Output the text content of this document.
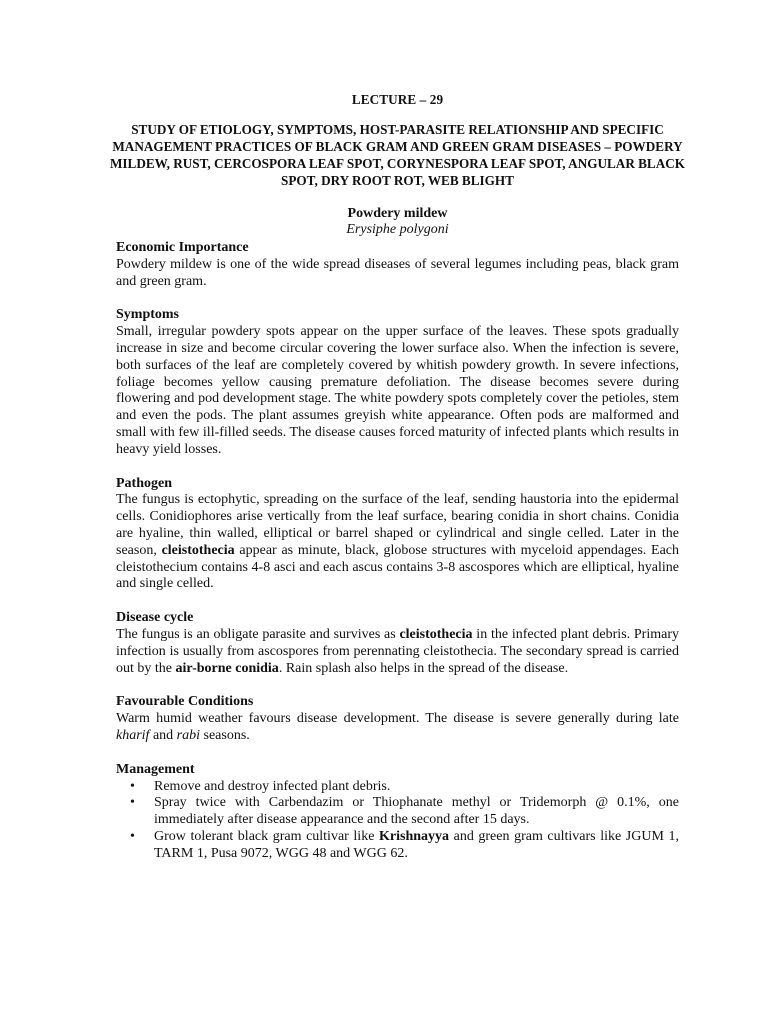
LECTURE – 29

STUDY OF ETIOLOGY, SYMPTOMS, HOST-PARASITE RELATIONSHIP AND SPECIFIC MANAGEMENT PRACTICES OF BLACK GRAM AND GREEN GRAM DISEASES – POWDERY MILDEW, RUST, CERCOSPORA LEAF SPOT, CORYNESPORA LEAF SPOT, ANGULAR BLACK SPOT, DRY ROOT ROT, WEB BLIGHT

Powdery mildew

Erysiphe polygoni

Economic Importance

Powdery mildew is one of the wide spread diseases of several legumes including peas, black gram and green gram.

Symptoms

Small, irregular powdery spots appear on the upper surface of the leaves. These spots gradually increase in size and become circular covering the lower surface also. When the infection is severe, both surfaces of the leaf are completely covered by whitish powdery growth. In severe infections, foliage becomes yellow causing premature defoliation. The disease becomes severe during flowering and pod development stage. The white powdery spots completely cover the petioles, stem and even the pods. The plant assumes greyish white appearance. Often pods are malformed and small with few ill-filled seeds. The disease causes forced maturity of infected plants which results in heavy yield losses.

Pathogen

The fungus is ectophytic, spreading on the surface of the leaf, sending haustoria into the epidermal cells. Conidiophores arise vertically from the leaf surface, bearing conidia in short chains. Conidia are hyaline, thin walled, elliptical or barrel shaped or cylindrical and single celled. Later in the season, cleistothecia appear as minute, black, globose structures with myceloid appendages. Each cleistothecium contains 4-8 asci and each ascus contains 3-8 ascospores which are elliptical, hyaline and single celled.

Disease cycle

The fungus is an obligate parasite and survives as cleistothecia in the infected plant debris. Primary infection is usually from ascospores from perennating cleistothecia. The secondary spread is carried out by the air-borne conidia. Rain splash also helps in the spread of the disease.

Favourable Conditions

Warm humid weather favours disease development. The disease is severe generally during late kharif and rabi seasons.

Management

• Remove and destroy infected plant debris.
• Spray twice with Carbendazim or Thiophanate methyl or Tridemorph @ 0.1%, one immediately after disease appearance and the second after 15 days.
• Grow tolerant black gram cultivar like Krishnayya and green gram cultivars like JGUM 1, TARM 1, Pusa 9072, WGG 48 and WGG 62.
